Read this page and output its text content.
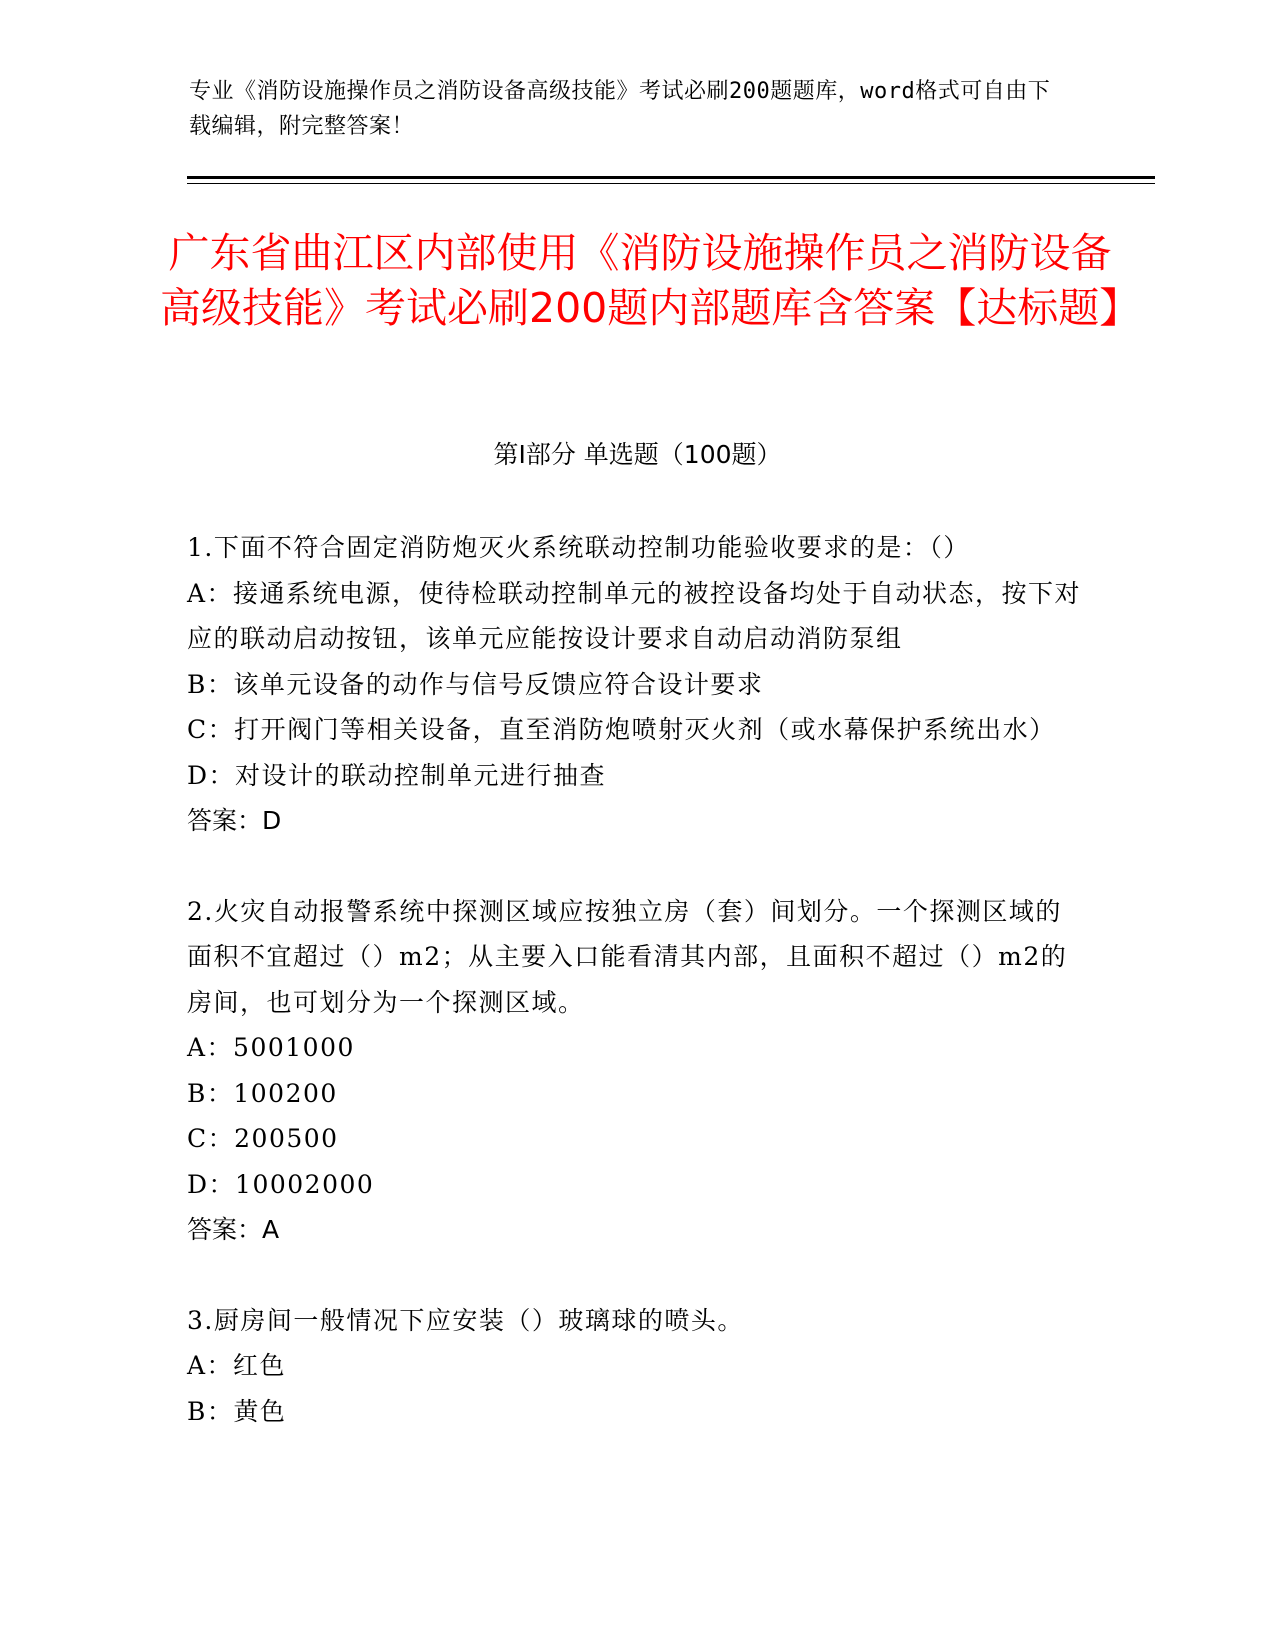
专业《消防设施操作员之消防设备高级技能》考试必刷200题题库，word格式可自由下载编辑，附完整答案！
广东省曲江区内部使用《消防设施操作员之消防设备高级技能》考试必刷200题内部题库含答案【达标题】
第I部分 单选题（100题）
1.下面不符合固定消防炮灭火系统联动控制功能验收要求的是：（）
A：接通系统电源，使待检联动控制单元的被控设备均处于自动状态，按下对应的联动启动按钮，该单元应能按设计要求自动启动消防泵组
B：该单元设备的动作与信号反馈应符合设计要求
C：打开阀门等相关设备，直至消防炮喷射灭火剂（或水幕保护系统出水）
D：对设计的联动控制单元进行抽查
答案：D
2.火灾自动报警系统中探测区域应按独立房（套）间划分。一个探测区域的面积不宜超过（）m2；从主要入口能看清其内部，且面积不超过（）m2的房间，也可划分为一个探测区域。
A：5001000
B：100200
C：200500
D：10002000
答案：A
3.厨房间一般情况下应安装（）玻璃球的喷头。
A：红色
B：黄色
